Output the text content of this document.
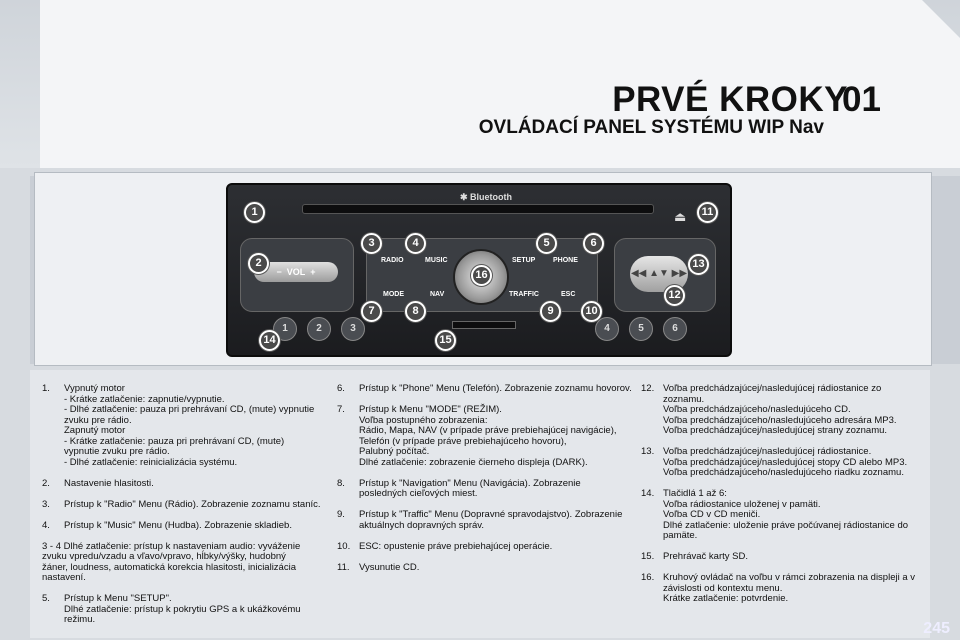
PRVÉ KROKY
01
OVLÁDACÍ PANEL SYSTÉMU WIP Nav
✱ Bluetooth
⏏
−  VOL  +
RADIO	MUSIC	SETUP	PHONE
MODE	NAV	TRAFFIC	ESC
◀◀ ▲▼ ▶▶
1	2	3	4	5	6
1
2
3	4	5	6
7	8	9	10
11
12
13
14	15
16
1. Vypnutý motor
- Krátke zatlačenie: zapnutie/vypnutie.
- Dlhé zatlačenie: pauza pri prehrávaní CD, (mute) vypnutie
zvuku pre rádio.
Zapnutý motor
- Krátke zatlačenie: pauza pri prehrávaní CD, (mute)
vypnutie zvuku pre rádio.
- Dlhé zatlačenie: reinicializácia systému.
2. Nastavenie hlasitosti.
3. Prístup k "Radio" Menu (Rádio). Zobrazenie zoznamu staníc.
4. Prístup k "Music" Menu (Hudba). Zobrazenie skladieb.
3 - 4 Dlhé zatlačenie: prístup k nastaveniam audio: vyváženie
zvuku vpredu/vzadu a vľavo/vpravo, hĺbky/výšky, hudobný
žáner, loudness, automatická korekcia hlasitosti, inicializácia
nastavení.
5. Prístup k Menu "SETUP".
Dlhé zatlačenie: prístup k pokrytiu GPS a k ukážkovému
režimu.
6. Prístup k "Phone" Menu (Telefón). Zobrazenie zoznamu hovorov.
7. Prístup k Menu "MODE" (REŽIM).
Voľba postupného zobrazenia:
Rádio, Mapa, NAV (v prípade práve prebiehajúcej navigácie),
Telefón (v prípade práve prebiehajúceho hovoru),
Palubný počítač.
Dlhé zatlačenie: zobrazenie čierneho displeja (DARK).
8. Prístup k "Navigation" Menu (Navigácia). Zobrazenie
posledných cieľových miest.
9. Prístup k "Traffic" Menu (Dopravné spravodajstvo). Zobrazenie
aktuálnych dopravných správ.
10. ESC: opustenie práve prebiehajúcej operácie.
11. Vysunutie CD.
12. Voľba predchádzajúcej/nasledujúcej rádiostanice zo
zoznamu.
Voľba predchádzajúceho/nasledujúceho CD.
Voľba predchádzajúceho/nasledujúceho adresára MP3.
Voľba predchádzajúcej/nasledujúcej strany zoznamu.
13. Voľba predchádzajúcej/nasledujúcej rádiostanice.
Voľba predchádzajúcej/nasledujúcej stopy CD alebo MP3.
Voľba predchádzajúceho/nasledujúceho riadku zoznamu.
14. Tlačidlá 1 až 6:
Voľba rádiostanice uloženej v pamäti.
Voľba CD v CD meniči.
Dlhé zatlačenie: uloženie práve počúvanej rádiostanice do
pamäte.
15. Prehrávač karty SD.
16. Kruhový ovládač na voľbu v rámci zobrazenia na displeji a v
závislosti od kontextu menu.
Krátke zatlačenie: potvrdenie.
245
